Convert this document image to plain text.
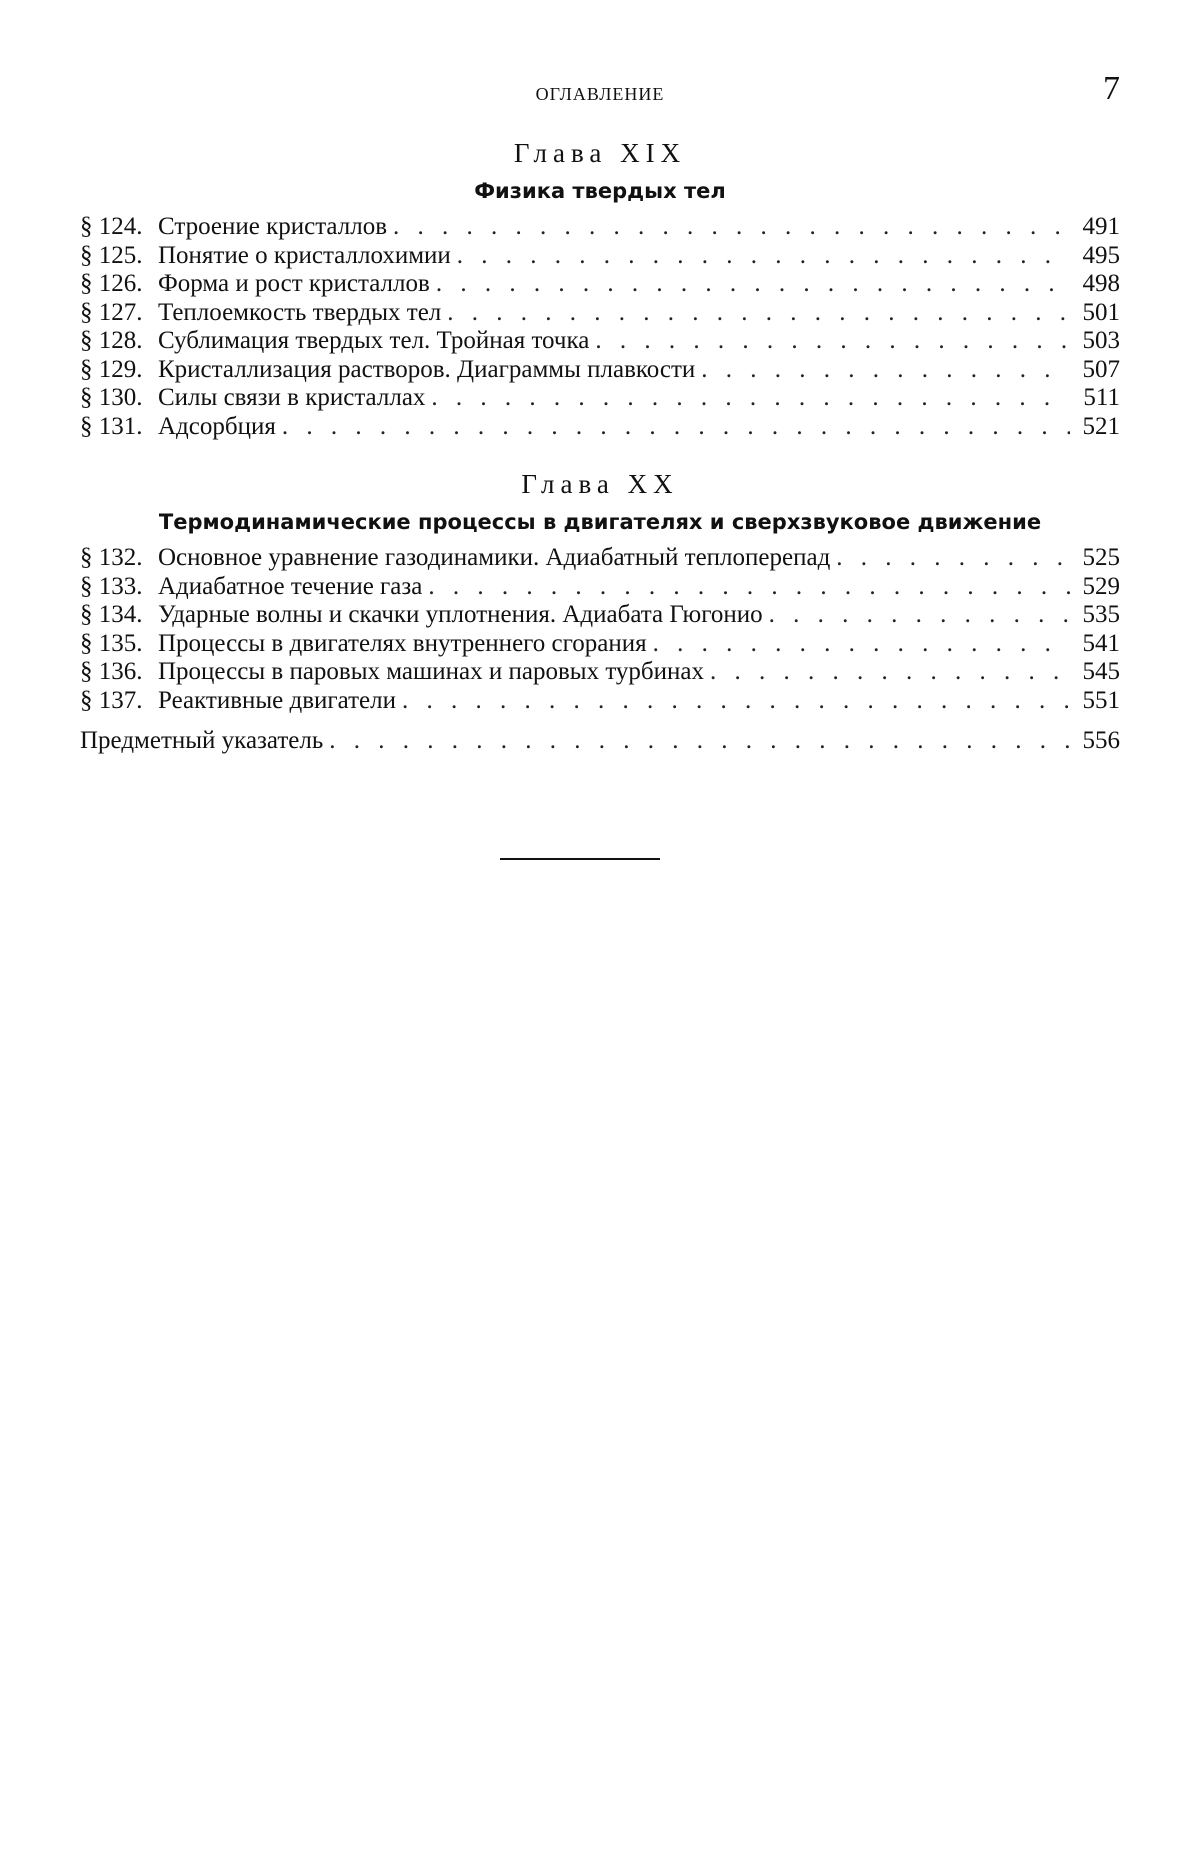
ОГЛАВЛЕНИЕ	7
Глава XIX
Физика твердых тел
§ 124. Строение кристаллов . . .	491
§ 125. Понятие о кристаллохимии . . .	495
§ 126. Форма и рост кристаллов . . .	498
§ 127. Теплоемкость твердых тел . . .	501
§ 128. Сублимация твердых тел. Тройная точка . . .	503
§ 129. Кристаллизация растворов. Диаграммы плавкости . . .	507
§ 130. Силы связи в кристаллах . . .	511
§ 131. Адсорбция . . .	521
Глава XX
Термодинамические процессы в двигателях и сверхзвуковое движение
§ 132. Основное уравнение газодинамики. Адиабатный теплоперепад . . .	525
§ 133. Адиабатное течение газа . . .	529
§ 134. Ударные волны и скачки уплотнения. Адиабата Гюгонио . . .	535
§ 135. Процессы в двигателях внутреннего сгорания . . .	541
§ 136. Процессы в паровых машинах и паровых турбинах . . .	545
§ 137. Реактивные двигатели . . .	551
Предметный указатель . . .	556
